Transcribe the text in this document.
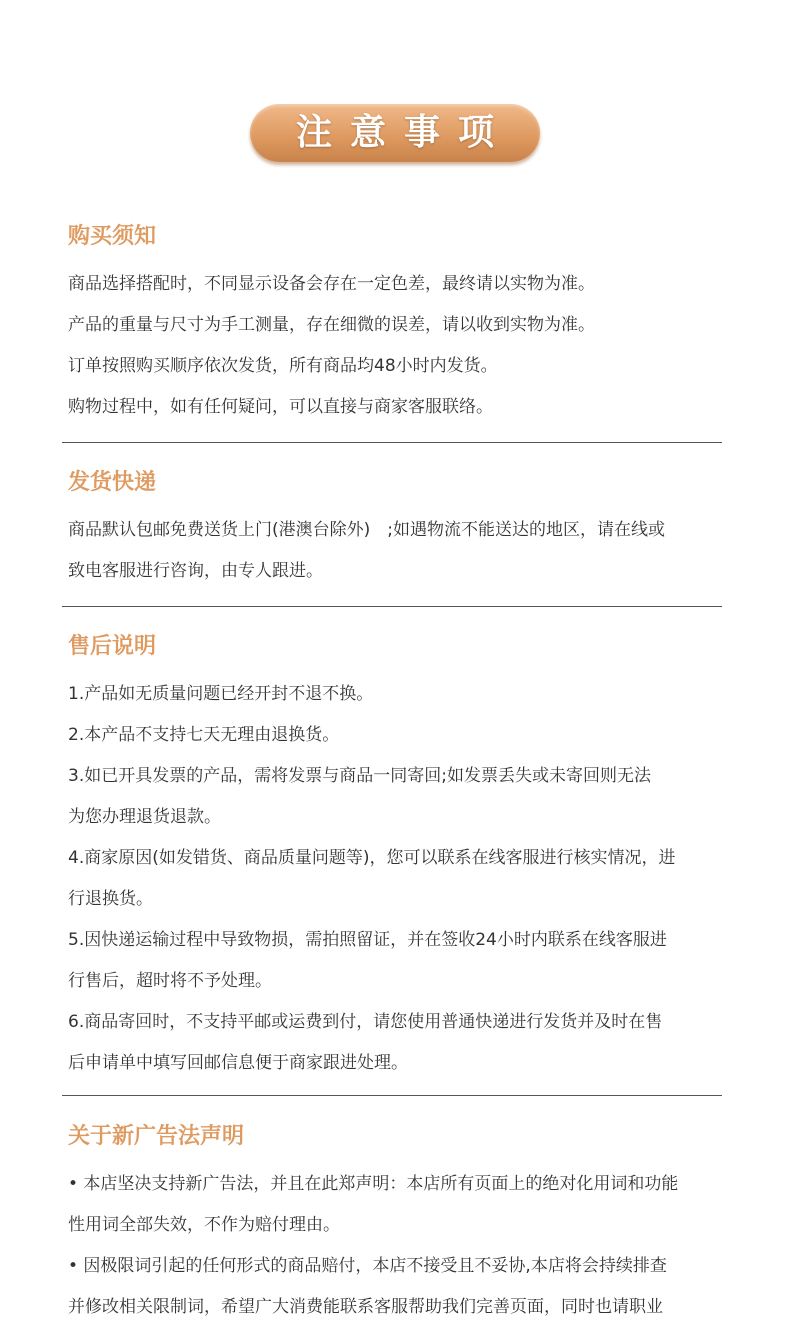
注意事项
购买须知
商品选择搭配时，不同显示设备会存在一定色差，最终请以实物为准。
产品的重量与尺寸为手工测量，存在细微的误差，请以收到实物为准。
订单按照购买顺序依次发货，所有商品均48小时内发货。
购物过程中，如有任何疑问，可以直接与商家客服联络。
发货快递
商品默认包邮免费送货上门(港澳台除外)　;如遇物流不能送达的地区，请在线或
致电客服进行咨询，由专人跟进。
售后说明
1.产品如无质量问题已经开封不退不换。
2.本产品不支持七天无理由退换货。
3.如已开具发票的产品，需将发票与商品一同寄回;如发票丢失或未寄回则无法
为您办理退货退款。
4.商家原因(如发错货、商品质量问题等)，您可以联系在线客服进行核实情况，进
行退换货。
5.因快递运输过程中导致物损，需拍照留证，并在签收24小时内联系在线客服进
行售后，超时将不予处理。
6.商品寄回时，不支持平邮或运费到付，请您使用普通快递进行发货并及时在售
后申请单中填写回邮信息便于商家跟进处理。
关于新广告法声明
• 本店坚决支持新广告法，并且在此郑声明：本店所有页面上的绝对化用词和功能
性用词全部失效，不作为赔付理由。
• 因极限词引起的任何形式的商品赔付，本店不接受且不妥协,本店将会持续排查
并修改相关限制词，希望广大消费能联系客服帮助我们完善页面，同时也请职业
